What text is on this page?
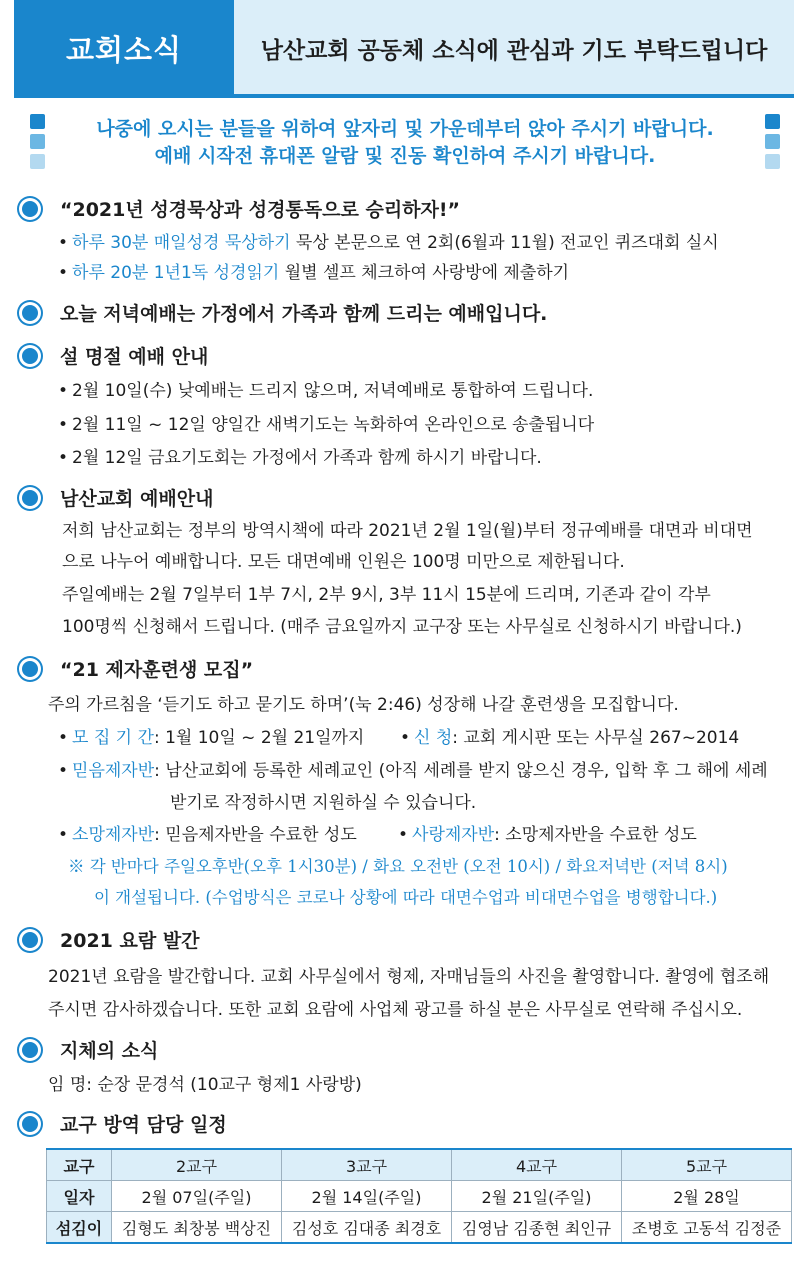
교회소식	남산교회 공동체 소식에 관심과 기도 부탁드립니다
나중에 오시는 분들을 위하여 앞자리 및 가운데부터 앉아 주시기 바랍니다.
예배 시작전 휴대폰 알람 및 진동 확인하여 주시기 바랍니다.
“2021년 성경묵상과 성경통독으로 승리하자!”
• 하루 30분 매일성경 묵상하기 묵상 본문으로 연 2회(6월과 11월) 전교인 퀴즈대회 실시
• 하루 20분 1년1독 성경읽기 월별 셀프 체크하여 사랑방에 제출하기
오늘 저녁예배는 가정에서 가족과 함께 드리는 예배입니다.
설 명절 예배 안내
• 2월 10일(수) 낮예배는 드리지 않으며, 저녁예배로 통합하여 드립니다.
• 2월 11일 ~ 12일 양일간 새벽기도는 녹화하여 온라인으로 송출됩니다
• 2월 12일 금요기도회는 가정에서 가족과 함께 하시기 바랍니다.
남산교회 예배안내
저희 남산교회는 정부의 방역시책에 따라 2021년 2월 1일(월)부터 정규예배를 대면과 비대면
으로 나누어 예배합니다. 모든 대면예배 인원은 100명 미만으로 제한됩니다.
주일예배는 2월 7일부터 1부 7시, 2부 9시, 3부 11시 15분에 드리며, 기존과 같이 각부
100명씩 신청해서 드립니다. (매주 금요일까지 교구장 또는 사무실로 신청하시기 바랍니다.)
“21 제자훈련생 모집”
주의 가르침을 ‘듣기도 하고 묻기도 하며’(눅 2:46) 성장해 나갈 훈련생을 모집합니다.
• 모 집 기 간: 1월 10일 ~ 2월 21일까지 • 신 청: 교회 게시판 또는 사무실 267~2014
• 믿음제자반: 남산교회에 등록한 세례교인 (아직 세례를 받지 않으신 경우, 입학 후 그 해에 세례
받기로 작정하시면 지원하실 수 있습니다.
• 소망제자반: 믿음제자반을 수료한 성도 • 사랑제자반: 소망제자반을 수료한 성도
※ 각 반마다 주일오후반(오후 1시30분) / 화요 오전반 (오전 10시) / 화요저녁반 (저녁 8시)
이 개설됩니다. (수업방식은 코로나 상황에 따라 대면수업과 비대면수업을 병행합니다.)
2021 요람 발간
2021년 요람을 발간합니다. 교회 사무실에서 형제, 자매님들의 사진을 촬영합니다. 촬영에 협조해
주시면 감사하겠습니다. 또한 교회 요람에 사업체 광고를 하실 분은 사무실로 연락해 주십시오.
지체의 소식
임 명: 순장 문경석 (10교구 형제1 사랑방)
교구 방역 담당 일정
교구	2교구	3교구	4교구	5교구
일자	2월 07일(주일)	2월 14일(주일)	2월 21일(주일)	2월 28일
섬김이	김형도 최창봉 백상진	김성호 김대종 최경호	김영남 김종현 최인규	조병호 고동석 김정준
